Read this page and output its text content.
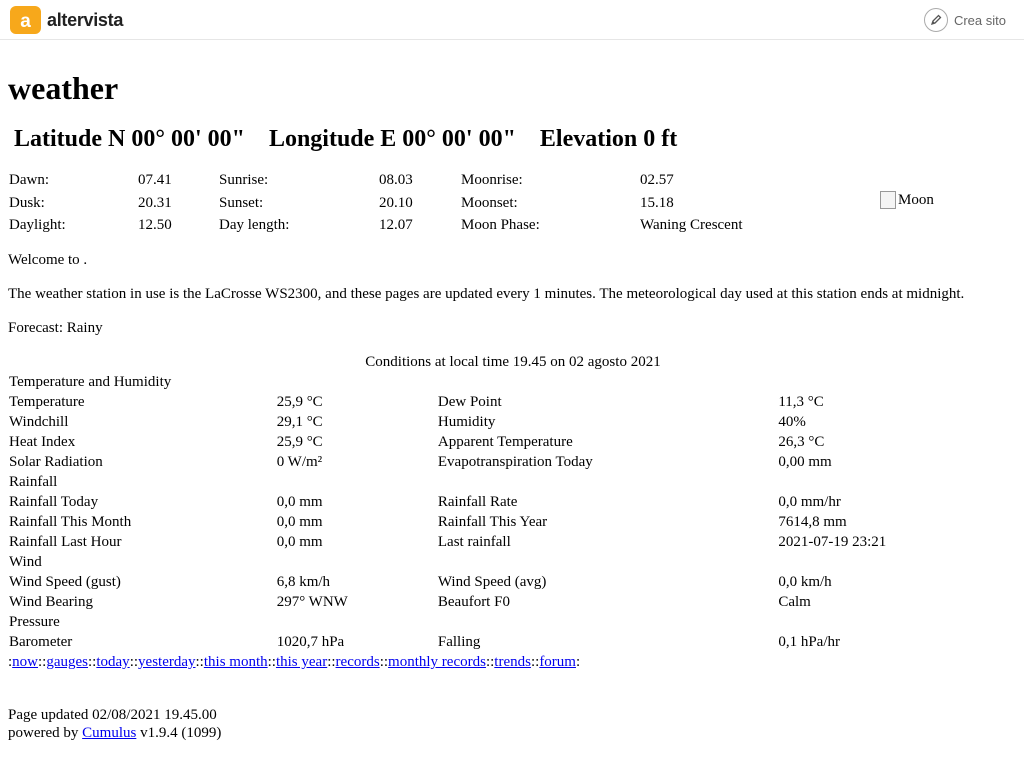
a altervista	Crea sito
weather
Latitude N 00° 00' 00" Longitude E 00° 00' 00" Elevation 0 ft
Dawn:	07.41	Sunrise:	08.03	Moonrise:	02.57	
Dusk:	20.31	Sunset:	20.10	Moonset:	15.18	Moon

Daylight:	12.50	Day length:	12.07	Moon Phase:	Waning Crescent	

Welcome to .

The weather station in use is the LaCrosse WS2300, and these pages are updated every 1 minutes. The meteorological day used at this station ends at midnight.

Forecast: Rainy

Conditions at local time 19.45 on 02 agosto 2021

Temperature and Humidity			
Temperature	25,9 °C	Dew Point	11,3 °C
Windchill	29,1 °C	Humidity	40%
Heat Index	25,9 °C	Apparent Temperature	26,3 °C
Solar Radiation	0 W/m²	Evapotranspiration Today	0,00 mm
Rainfall			
Rainfall Today	0,0 mm	Rainfall Rate	0,0 mm/hr
Rainfall This Month	0,0 mm	Rainfall This Year	7614,8 mm
Rainfall Last Hour	0,0 mm	Last rainfall	2021-07-19 23:21
Wind			
Wind Speed (gust)	6,8 km/h	Wind Speed (avg)	0,0 km/h
Wind Bearing	297° WNW	Beaufort F0	Calm
Pressure			
Barometer	1020,7 hPa	Falling	0,1 hPa/hr
:now::gauges::today::yesterday::this month::this year::records::monthly records::trends::forum:
Page updated 02/08/2021 19.45.00
powered by Cumulus v1.9.4 (1099)
